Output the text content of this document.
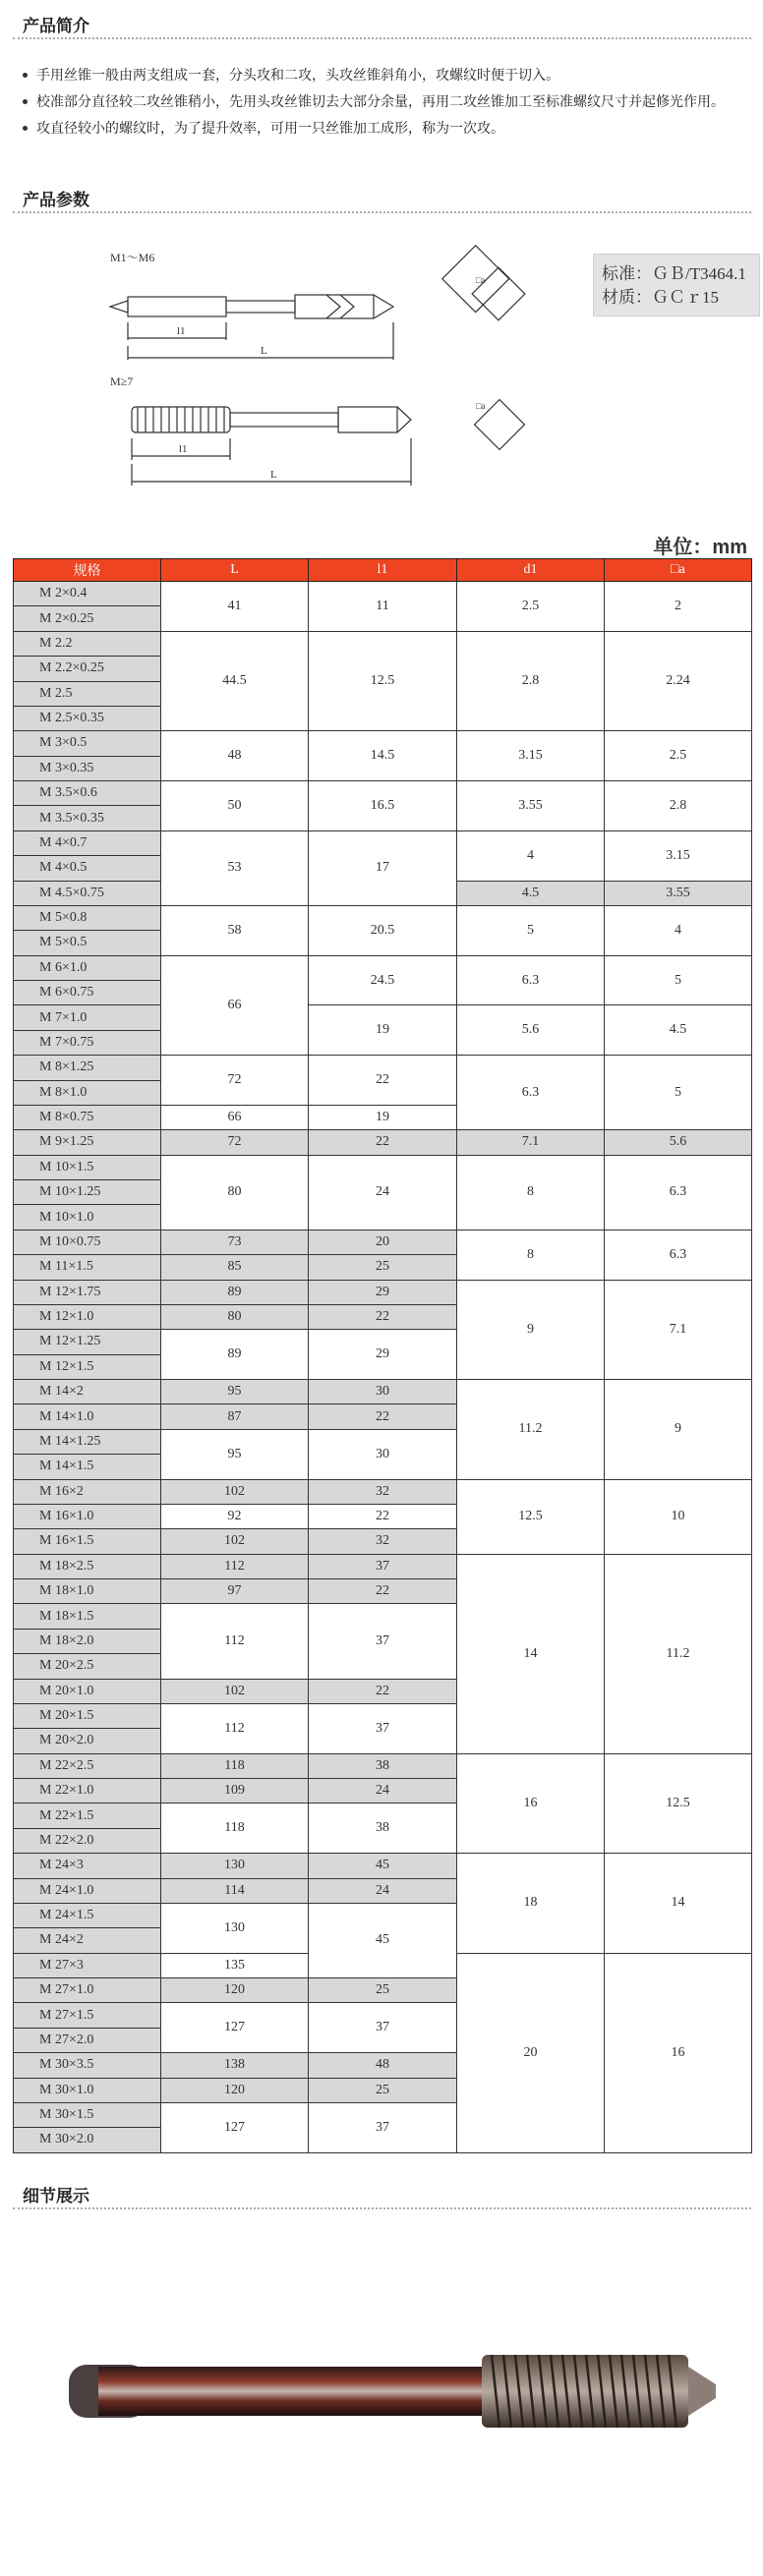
产品简介
手用丝锥一般由两支组成一套，分头攻和二攻，头攻丝锥斜角小，攻螺纹时便于切入。
校准部分直径较二攻丝锥稍小，先用头攻丝锥切去大部分余量，再用二攻丝锥加工至标准螺纹尺寸并起修光作用。
攻直径较小的螺纹时，为了提升效率，可用一只丝锥加工成形，称为一次攻。
产品参数
M1～M6
l1
L
M≥7
l1
L
□a
□a
标准：ＧＢ/T3464.1
材质：ＧＣｒ15
单位：mm
规格	L	l1	d1	□a
M 2×0.4	41	11	2.5	2
M 2×0.25				
M 2.2	44.5	12.5	2.8	2.24
M 2.2×0.25				
M 2.5				
M 2.5×0.35				
M 3×0.5	48	14.5	3.15	2.5
M 3×0.35				
M 3.5×0.6	50	16.5	3.55	2.8
M 3.5×0.35				
M 4×0.7	53	17	4	3.15
M 4×0.5				
M 4.5×0.75			4.5	3.55
M 5×0.8	58	20.5	5	4
M 5×0.5				
M 6×1.0	66	24.5	6.3	5
M 6×0.75				
M 7×1.0		19	5.6	4.5
M 7×0.75				
M 8×1.25	72	22	6.3	5
M 8×1.0				
M 8×0.75	66	19		
M 9×1.25	72	22	7.1	5.6
M 10×1.5	80	24	8	6.3
M 10×1.25				
M 10×1.0				
M 10×0.75	73	20	8	6.3
M 11×1.5	85	25		
M 12×1.75	89	29	9	7.1
M 12×1.0	80	22		
M 12×1.25	89	29		
M 12×1.5				
M 14×2	95	30	11.2	9
M 14×1.0	87	22		
M 14×1.25	95	30		
M 14×1.5				
M 16×2	102	32	12.5	10
M 16×1.0	92	22		
M 16×1.5	102	32		
M 18×2.5	112	37	14	11.2
M 18×1.0	97	22		
M 18×1.5	112	37		
M 18×2.0				
M 20×2.5				
M 20×1.0	102	22		
M 20×1.5	112	37		
M 20×2.0				
M 22×2.5	118	38	16	12.5
M 22×1.0	109	24		
M 22×1.5	118	38		
M 22×2.0				
M 24×3	130	45	18	14
M 24×1.0	114	24		
M 24×1.5	130	45		
M 24×2				
M 27×3	135		20	16
M 27×1.0	120	25		
M 27×1.5	127	37		
M 27×2.0				
M 30×3.5	138	48		
M 30×1.0	120	25		
M 30×1.5	127	37		
M 30×2.0				
细节展示
